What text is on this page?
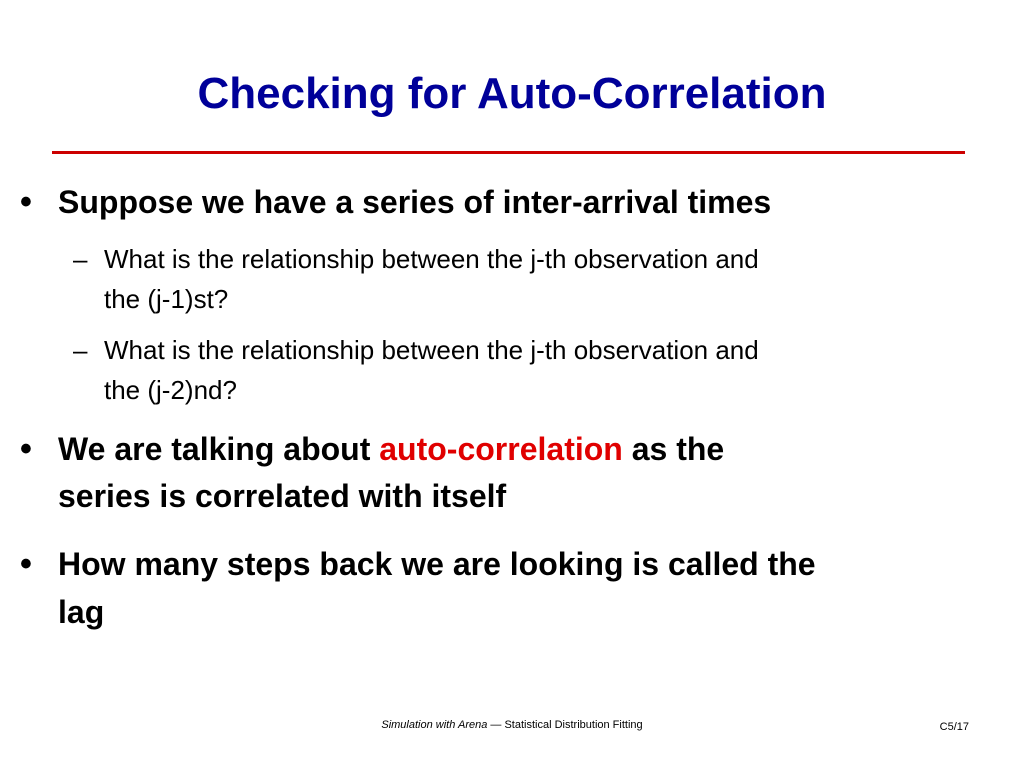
Checking for Auto-Correlation
• Suppose we have a series of inter-arrival times
– What is the relationship between the j-th observation and
the (j-1)st?
– What is the relationship between the j-th observation and
the (j-2)nd?
• We are talking about auto-correlation as the
series is correlated with itself
• How many steps back we are looking is called the
lag
Simulation with Arena — Statistical Distribution Fitting	C5/17
